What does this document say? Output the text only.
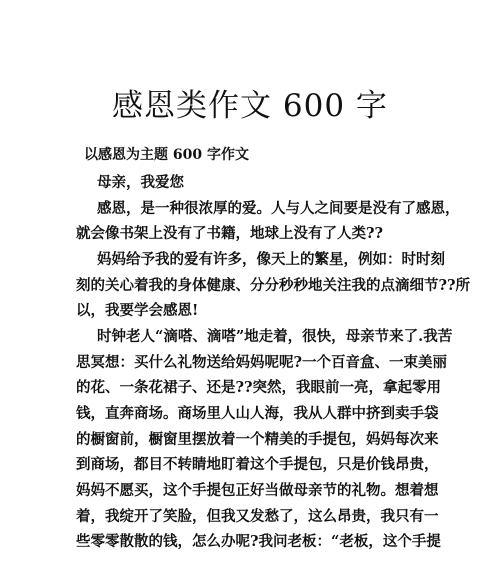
感恩类作文 600 字

以感恩为主题 600 字作文

母亲，我爱您

感恩，是一种很浓厚的爱。人与人之间要是没有了感恩，

就会像书架上没有了书籍，地球上没有了人类??

妈妈给予我的爱有许多，像天上的繁星，例如：时时刻

刻的关心着我的身体健康、分分秒秒地关注我的点滴细节??所

以，我要学会感恩!

时钟老人“滴嗒、滴嗒”地走着，很快，母亲节来了.我苦

思冥想：买什么礼物送给妈妈呢呢?一个百音盒、一束美丽

的花、一条花裙子、还是??突然，我眼前一亮，拿起零用

钱，直奔商场。商场里人山人海，我从人群中挤到卖手袋

的橱窗前，橱窗里摆放着一个精美的手提包，妈妈每次来

到商场，都目不转睛地盯着这个手提包，只是价钱昂贵，

妈妈不愿买，这个手提包正好当做母亲节的礼物。想着想

着，我绽开了笑脸，但我又发愁了，这么昂贵，我只有一

些零零散散的钱，怎么办呢?我问老板：“老板，这个手提
